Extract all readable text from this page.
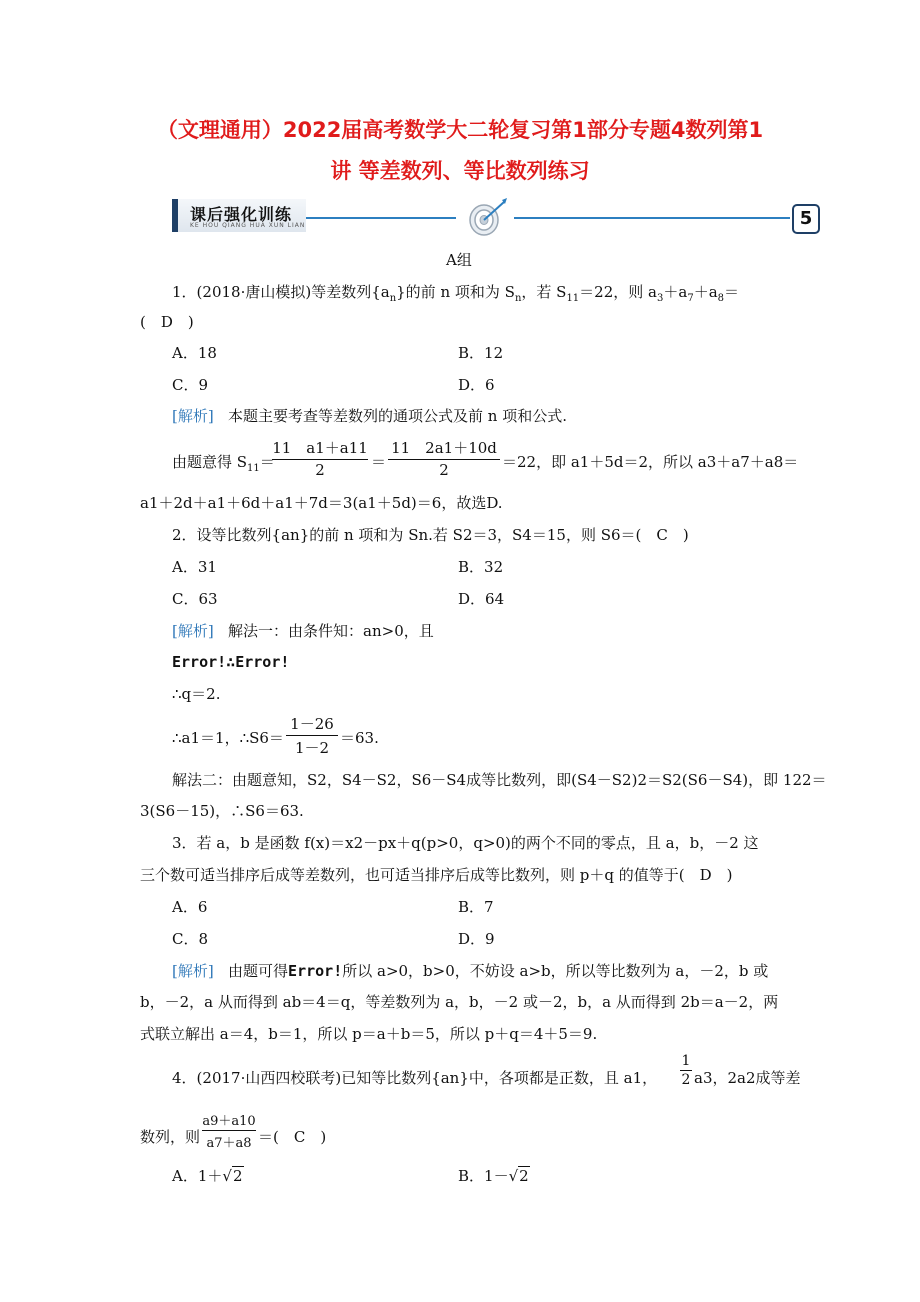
（文理通用）2022届高考数学大二轮复习第1部分专题4数列第1
讲 等差数列、等比数列练习
课后强化训练
KE HOU QIANG HUA XUN LIAN	5
A组
1．(2018·唐山模拟)等差数列$\{a_n\}$的前 n 项和为 $S_n$，若 $S_{11}=22$，则 $a_3+a_7+a_8=$
(　D　)
A．18	B．12
C．9	D．6
[解析] 本题主要考查等差数列的通项公式及前 n 项和公式.
由题意得 $S_{11}=$
11　a1＋a11
2	＝
11　2a1＋10d
2	＝22，即 a1＋5d＝2，所以 a3＋a7＋a8＝
a1＋2d＋a1＋6d＋a1＋7d＝3(a1＋5d)＝6，故选D.
2．设等比数列{an}的前 n 项和为 Sn.若 S2＝3，S4＝15，则 S6＝(　C　)
A．31	B．32
C．63	D．64
[解析] 解法一：由条件知：an>0，且
Error!∴Error!
∴q＝2.
∴a1＝1，∴S6＝
1－26
1－2
＝63.
解法二：由题意知，S2，S4－S2，S6－S4成等比数列，即(S4－S2)2＝S2(S6－S4)，即 122＝
3(S6－15)，∴S6＝63.
3．若 a，b 是函数 f(x)＝x2－px＋q(p>0，q>0)的两个不同的零点，且 a，b，－2 这
三个数可适当排序后成等差数列，也可适当排序后成等比数列，则 p＋q 的值等于(　D　)
A．6	B．7
C．8	D．9
[解析] 由题可得Error!所以 a>0，b>0，不妨设 a>b，所以等比数列为 a，－2，b 或
b，－2，a 从而得到 ab＝4＝q，等差数列为 a，b，－2 或－2，b，a 从而得到 2b＝a－2，两
式联立解出 a＝4，b＝1，所以 p＝a＋b＝5，所以 p＋q＝4＋5＝9.
4．(2017·山西四校联考)已知等比数列{an}中，各项都是正数，且 a1，
1
2 a3，2a2成等差
数列，则
a9＋a10
a7＋a8 ＝(　C　)
A．1＋√2	B．1－√2
